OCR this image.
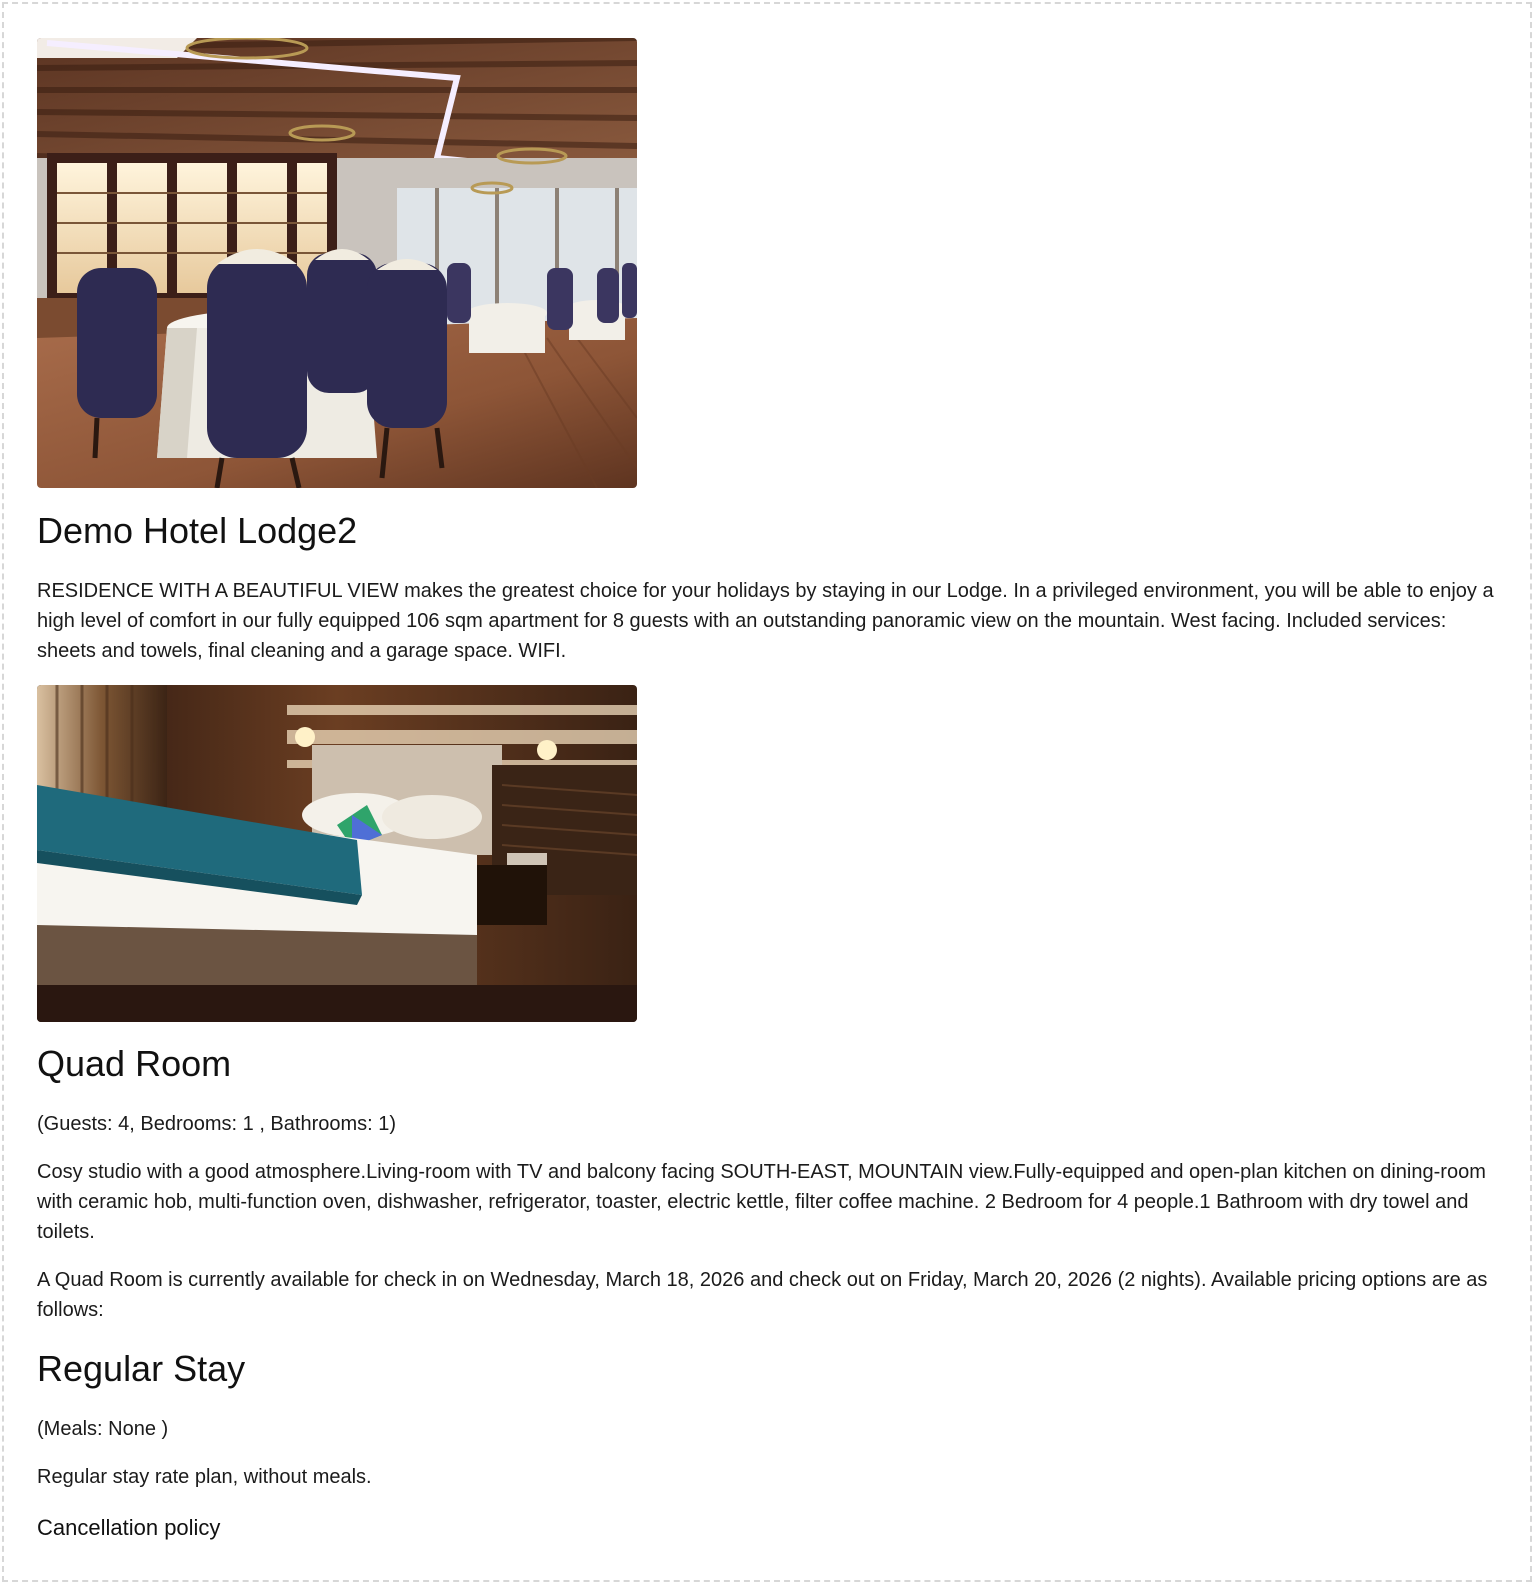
Demo Hotel Lodge2

RESIDENCE WITH A BEAUTIFUL VIEW makes the greatest choice for your holidays by staying in our Lodge. In a privileged environment, you will be able to enjoy a high level of comfort in our fully equipped 106 sqm apartment for 8 guests with an outstanding panoramic view on the mountain. West facing. Included services: sheets and towels, final cleaning and a garage space. WIFI.

Quad Room

(Guests: 4, Bedrooms: 1 , Bathrooms: 1)

Cosy studio with a good atmosphere.Living-room with TV and balcony facing SOUTH-EAST, MOUNTAIN view.Fully-equipped and open-plan kitchen on dining-room with ceramic hob, multi-function oven, dishwasher, refrigerator, toaster, electric kettle, filter coffee machine. 2 Bedroom for 4 people.1 Bathroom with dry towel and toilets.

A Quad Room is currently available for check in on Wednesday, March 18, 2026 and check out on Friday, March 20, 2026 (2 nights). Available pricing options are as follows:

Regular Stay

(Meals: None )

Regular stay rate plan, without meals.

Cancellation policy
